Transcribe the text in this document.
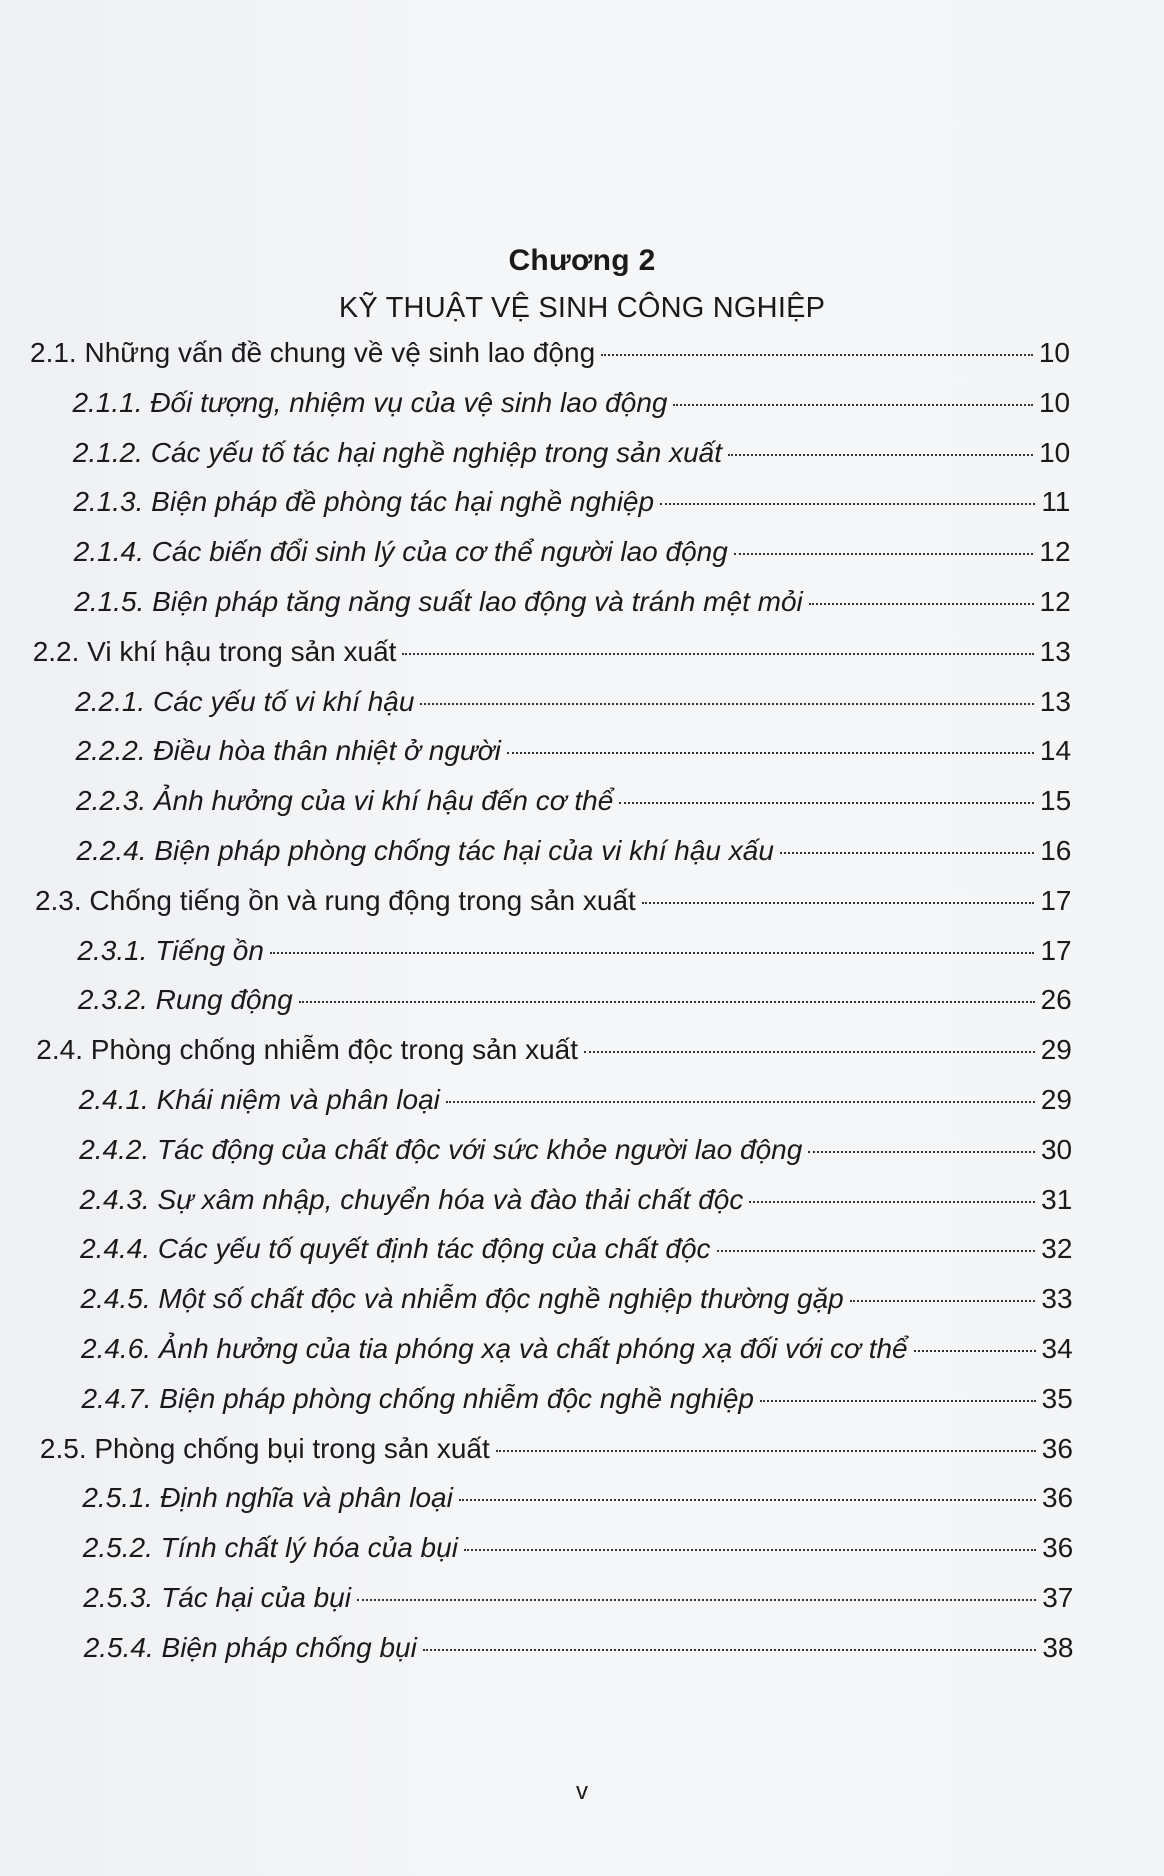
Chương 2
KỸ THUẬT VỆ SINH CÔNG NGHIỆP
2.1. Những vấn đề chung về vệ sinh lao động	10
2.1.1. Đối tượng, nhiệm vụ của vệ sinh lao động	10
2.1.2. Các yếu tố tác hại nghề nghiệp trong sản xuất	10
2.1.3. Biện pháp đề phòng tác hại nghề nghiệp	11
2.1.4. Các biến đổi sinh lý của cơ thể người lao động	12
2.1.5. Biện pháp tăng năng suất lao động và tránh mệt mỏi	12
2.2. Vi khí hậu trong sản xuất	13
2.2.1. Các yếu tố vi khí hậu	13
2.2.2. Điều hòa thân nhiệt ở người	14
2.2.3. Ảnh hưởng của vi khí hậu đến cơ thể	15
2.2.4. Biện pháp phòng chống tác hại của vi khí hậu xấu	16
2.3. Chống tiếng ồn và rung động trong sản xuất	17
2.3.1. Tiếng ồn	17
2.3.2. Rung động	26
2.4. Phòng chống nhiễm độc trong sản xuất	29
2.4.1. Khái niệm và phân loại	29
2.4.2. Tác động của chất độc với sức khỏe người lao động	30
2.4.3. Sự xâm nhập, chuyển hóa và đào thải chất độc	31
2.4.4. Các yếu tố quyết định tác động của chất độc	32
2.4.5. Một số chất độc và nhiễm độc nghề nghiệp thường gặp	33
2.4.6. Ảnh hưởng của tia phóng xạ và chất phóng xạ đối với cơ thể	34
2.4.7. Biện pháp phòng chống nhiễm độc nghề nghiệp	35
2.5. Phòng chống bụi trong sản xuất	36
2.5.1. Định nghĩa và phân loại	36
2.5.2. Tính chất lý hóa của bụi	36
2.5.3. Tác hại của bụi	37
2.5.4. Biện pháp chống bụi	38
v
